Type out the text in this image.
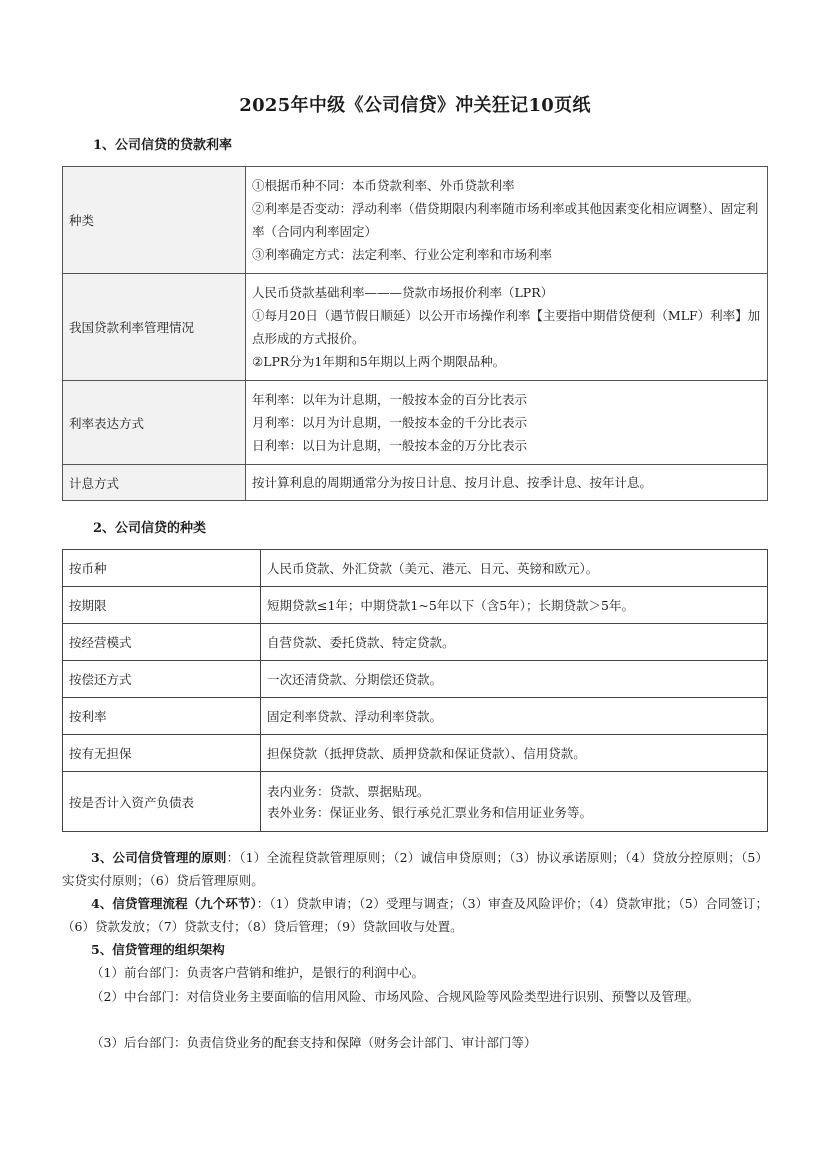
2025年中级《公司信贷》冲关狂记10页纸
1、公司信贷的贷款利率
种类	①根据币种不同：本币贷款利率、外币贷款利率
②利率是否变动：浮动利率（借贷期限内利率随市场利率或其他因素变化相应调整）、固定利率（合同内利率固定）
③利率确定方式：法定利率、行业公定利率和市场利率

我国贷款利率管理情况	人民币贷款基础利率———贷款市场报价利率（LPR）
①每月20日（遇节假日顺延）以公开市场操作利率【主要指中期借贷便利（MLF）利率】加点形成的方式报价。
②LPR分为1年期和5年期以上两个期限品种。

利率表达方式	年利率：以年为计息期，一般按本金的百分比表示
月利率：以月为计息期，一般按本金的千分比表示
日利率：以日为计息期，一般按本金的万分比表示

计息方式	按计算利息的周期通常分为按日计息、按月计息、按季计息、按年计息。
2、公司信贷的种类
按币种	人民币贷款、外汇贷款（美元、港元、日元、英镑和欧元）。
按期限	短期贷款≤1年；中期贷款1~5年以下（含5年）；长期贷款＞5年。
按经营模式	自营贷款、委托贷款、特定贷款。
按偿还方式	一次还清贷款、分期偿还贷款。
按利率	固定利率贷款、浮动利率贷款。
按有无担保	担保贷款（抵押贷款、质押贷款和保证贷款）、信用贷款。
按是否计入资产负债表	表内业务：贷款、票据贴现。
表外业务：保证业务、银行承兑汇票业务和信用证业务等。
3、公司信贷管理的原则：（1）全流程贷款管理原则；（2）诚信申贷原则；（3）协议承诺原则；（4）贷放分控原则；（5）实贷实付原则；（6）贷后管理原则。
4、信贷管理流程（九个环节）：（1）贷款申请；（2）受理与调查；（3）审查及风险评价；（4）贷款审批；（5）合同签订；（6）贷款发放；（7）贷款支付；（8）贷后管理；（9）贷款回收与处置。
5、信贷管理的组织架构
（1）前台部门：负责客户营销和维护，是银行的利润中心。
（2）中台部门：对信贷业务主要面临的信用风险、市场风险、合规风险等风险类型进行识别、预警以及管理。
（3）后台部门：负责信贷业务的配套支持和保障（财务会计部门、审计部门等）
